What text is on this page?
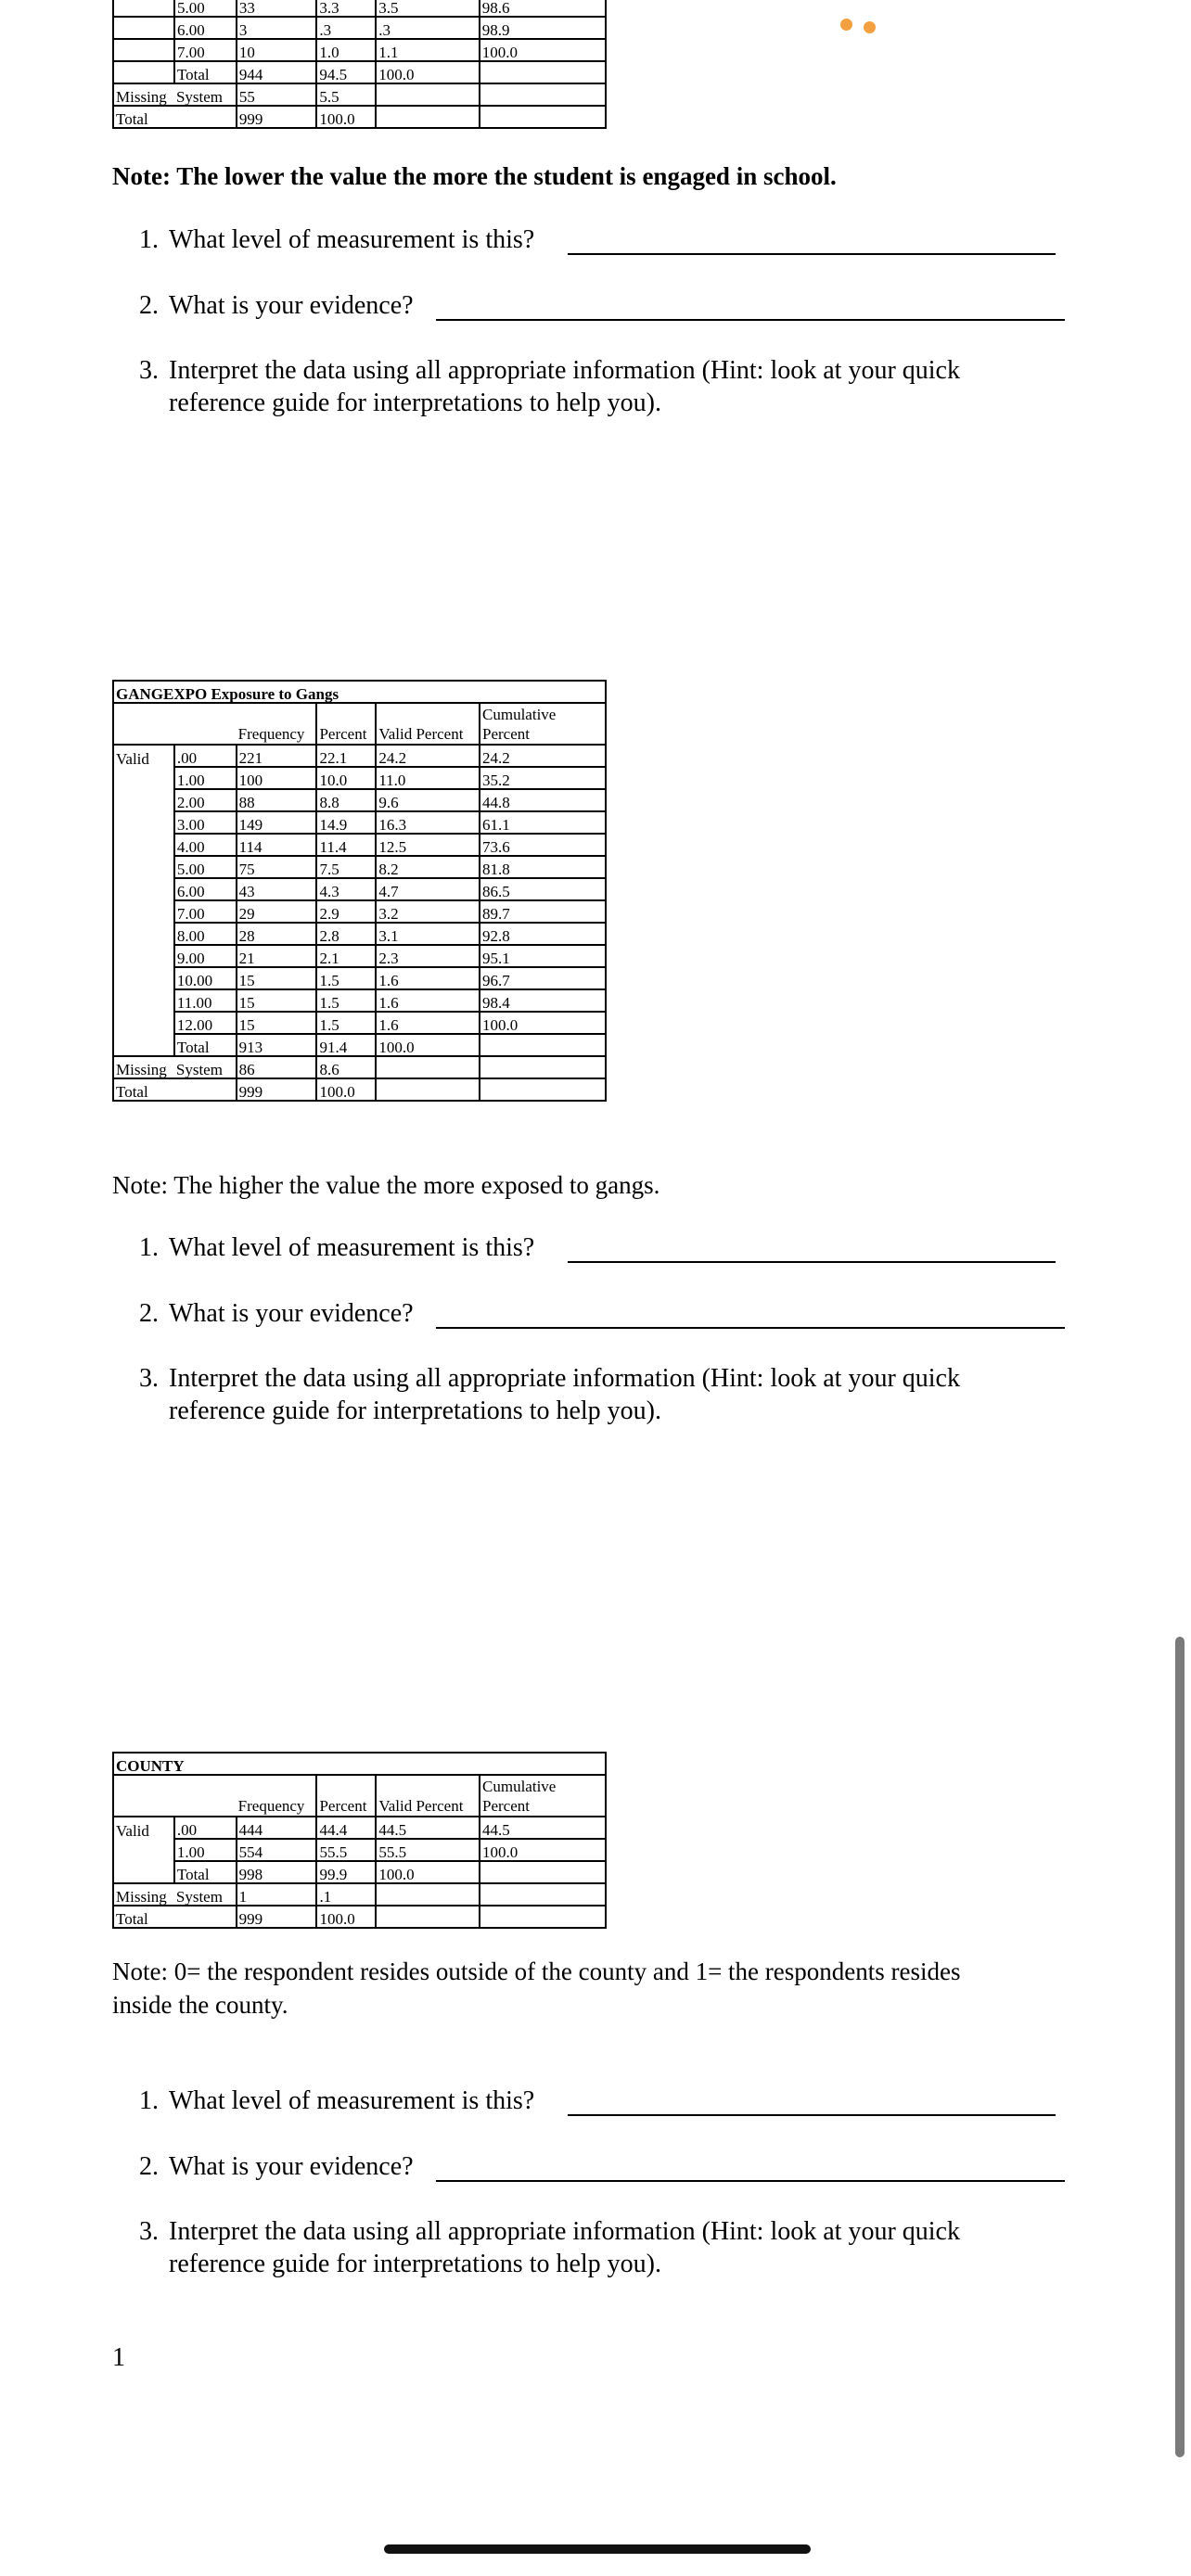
	5.00	33	3.3	3.5	98.6
	6.00	3	.3	.3	98.9
	7.00	10	1.0	1.1	100.0
	Total	944	94.5	100.0	
Missing	System	55	5.5		
Total		999	100.0		
Note: The lower the value the more the student is engaged in school.
1. What level of measurement is this?
2. What is your evidence?
3. Interpret the data using all appropriate information (Hint: look at your quick
reference guide for interpretations to help you).
GANGEXPO Exposure to Gangs					
		Frequency	Percent	Valid Percent	Cumulative
Percent

Valid	.00	221	22.1	24.2	24.2
	1.00	100	10.0	11.0	35.2
	2.00	88	8.8	9.6	44.8
	3.00	149	14.9	16.3	61.1
	4.00	114	11.4	12.5	73.6
	5.00	75	7.5	8.2	81.8
	6.00	43	4.3	4.7	86.5
	7.00	29	2.9	3.2	89.7
	8.00	28	2.8	3.1	92.8
	9.00	21	2.1	2.3	95.1
	10.00	15	1.5	1.6	96.7
	11.00	15	1.5	1.6	98.4
	12.00	15	1.5	1.6	100.0
	Total	913	91.4	100.0	
Missing	System	86	8.6		
Total		999	100.0		
Note: The higher the value the more exposed to gangs.
1. What level of measurement is this?
2. What is your evidence?
3. Interpret the data using all appropriate information (Hint: look at your quick
reference guide for interpretations to help you).
COUNTY					
		Frequency	Percent	Valid Percent	Cumulative
Percent

Valid	.00	444	44.4	44.5	44.5
	1.00	554	55.5	55.5	100.0
	Total	998	99.9	100.0	
Missing	System	1	.1		
Total		999	100.0		
Note: 0= the respondent resides outside of the county and 1= the respondents resides
inside the county.
1. What level of measurement is this?
2. What is your evidence?
3. Interpret the data using all appropriate information (Hint: look at your quick
reference guide for interpretations to help you).
1
